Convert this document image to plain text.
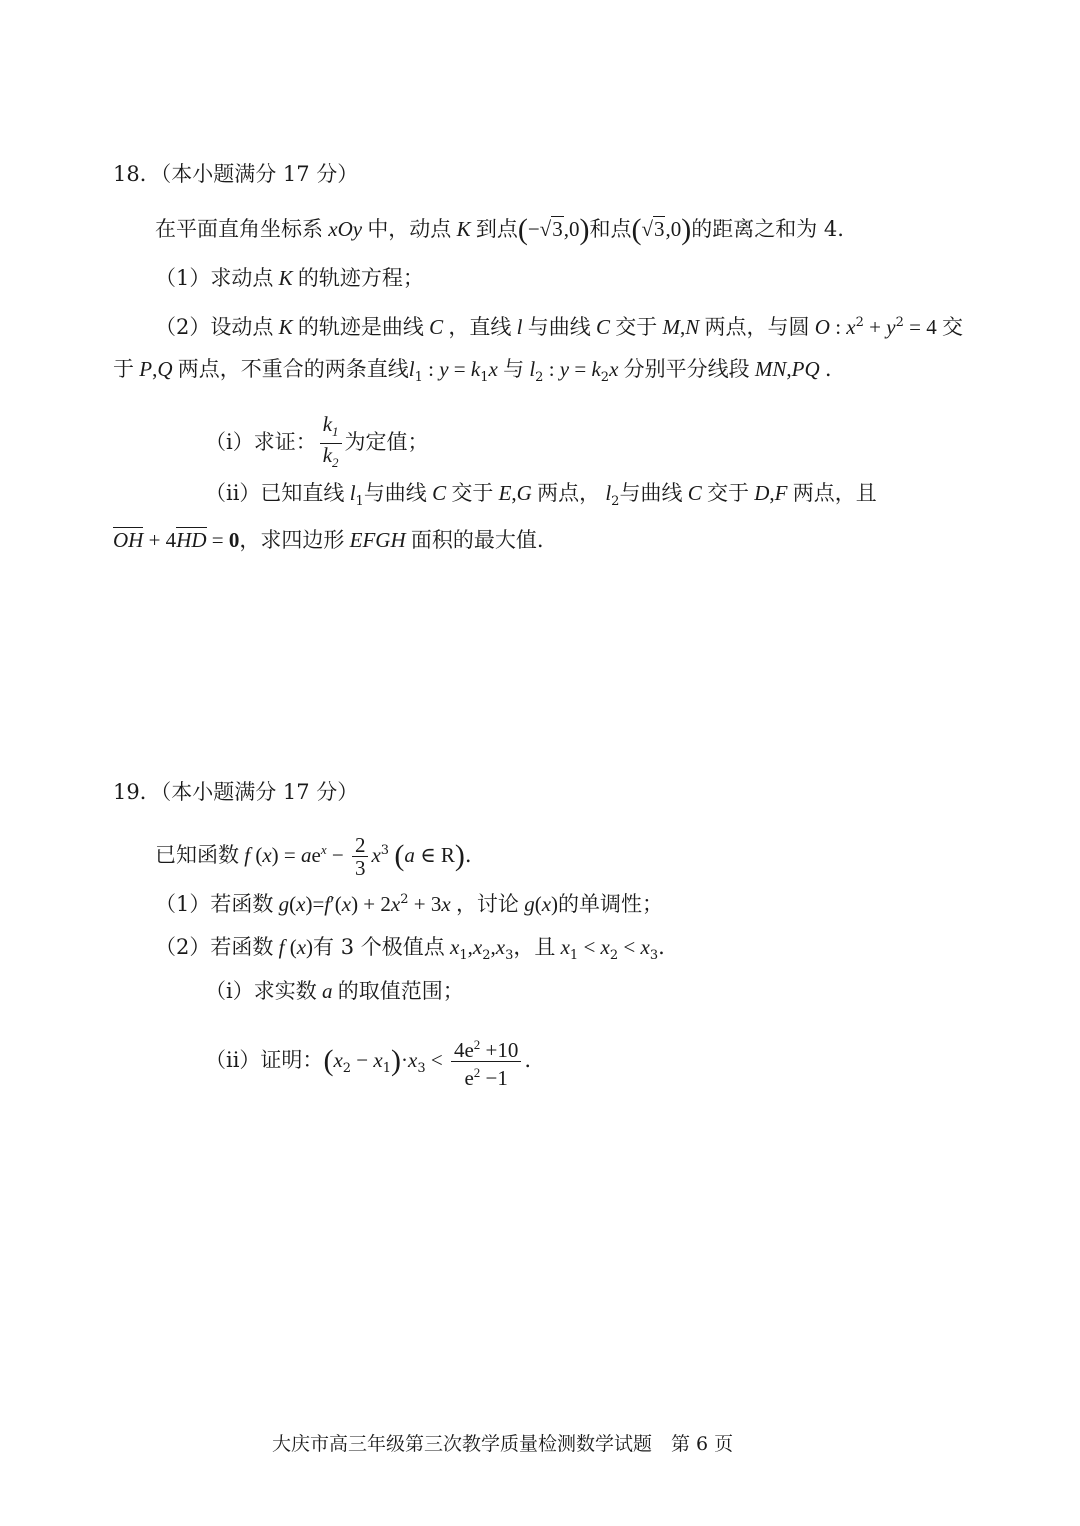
18．（本小题满分 17 分）
在平面直角坐标系 xOy 中，动点 K 到点(−√3,0)和点(√3,0)的距离之和为 4.
（1）求动点 K 的轨迹方程；
（2）设动点 K 的轨迹是曲线 C ，直线 l 与曲线 C 交于 M,N 两点，与圆 O : $x^2 + y^2 = 4$ 交
于 P,Q 两点，不重合的两条直线$l_1$ : $y = k_1x$ 与 $l_2$ : $y = k_2x$ 分别平分线段 MN,PQ .
（i）求证： $\frac{k_1}{k_2}$ 为定值；
（ii）已知直线 $l_1$与曲线 C 交于 E,G 两点， $l_2$与曲线 C 交于 D,F 两点，且
OH + 4HD = 0，求四边形 EFGH 面积的最大值.
19．（本小题满分 17 分）
已知函数 f $(x) = ae^x - \frac{2}{3} x^3$ (a ∈ R).
（1）若函数 $g(x)=f'(x) + 2x^2 + 3x$ ，讨论 g(x)的单调性；
（2）若函数 f (x)有 3 个极值点 $x_1,x_2,x_3$，且 $x_1 < x_2 < x_3$.
（i）求实数 a 的取值范围；
（ii）证明：$(x_2 - x_1)\cdot x_3 < \frac{4e^2 +10}{e^2 -1}$ .
大庆市高三年级第三次教学质量检测数学试题　第 6 页
